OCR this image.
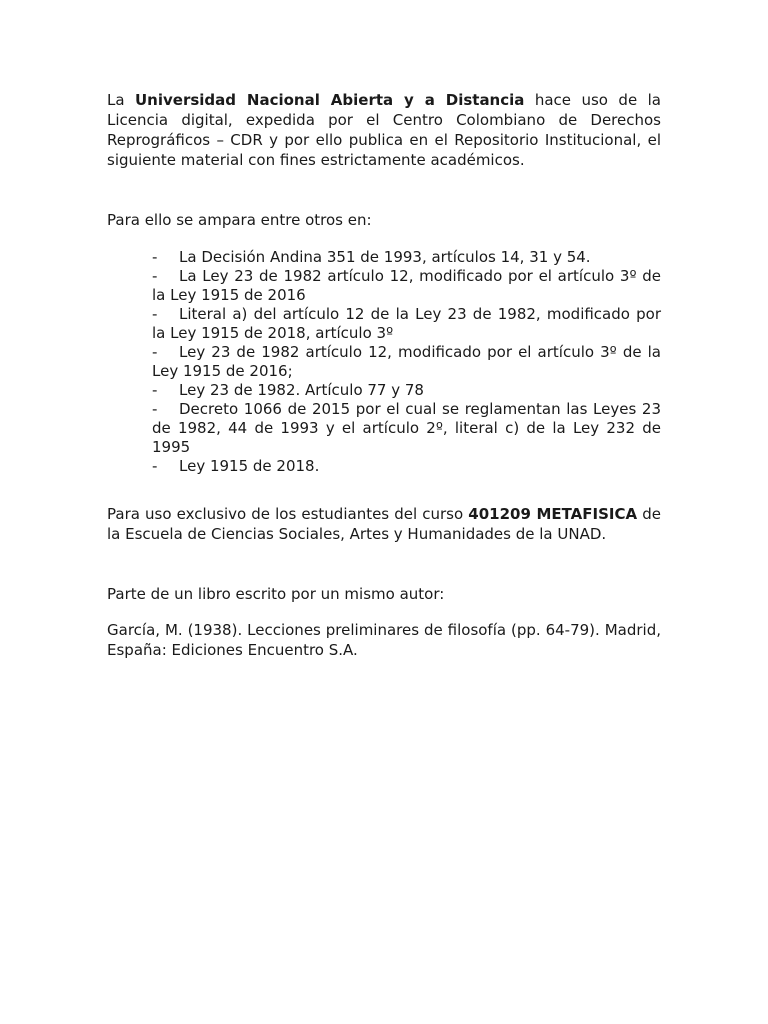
La Universidad Nacional Abierta y a Distancia hace uso de la Licencia digital, expedida por el Centro Colombiano de Derechos Reprográficos – CDR y por ello publica en el Repositorio Institucional, el siguiente material con fines estrictamente académicos.

Para ello se ampara entre otros en:

- La Decisión Andina 351 de 1993, artículos 14, 31 y 54.
- La Ley 23 de 1982 artículo 12, modificado por el artículo 3º de la Ley 1915 de 2016
- Literal a) del artículo 12 de la Ley 23 de 1982, modificado por la Ley 1915 de 2018, artículo 3º
- Ley 23 de 1982 artículo 12, modificado por el artículo 3º de la Ley 1915 de 2016;
- Ley 23 de 1982. Artículo 77 y 78
- Decreto 1066 de 2015 por el cual se reglamentan las Leyes 23 de 1982, 44 de 1993 y el artículo 2º, literal c) de la Ley 232 de 1995
- Ley 1915 de 2018.

Para uso exclusivo de los estudiantes del curso 401209 METAFISICA de la Escuela de Ciencias Sociales, Artes y Humanidades de la UNAD.

Parte de un libro escrito por un mismo autor:

García, M. (1938). Lecciones preliminares de filosofía (pp. 64-79). Madrid, España: Ediciones Encuentro S.A.
